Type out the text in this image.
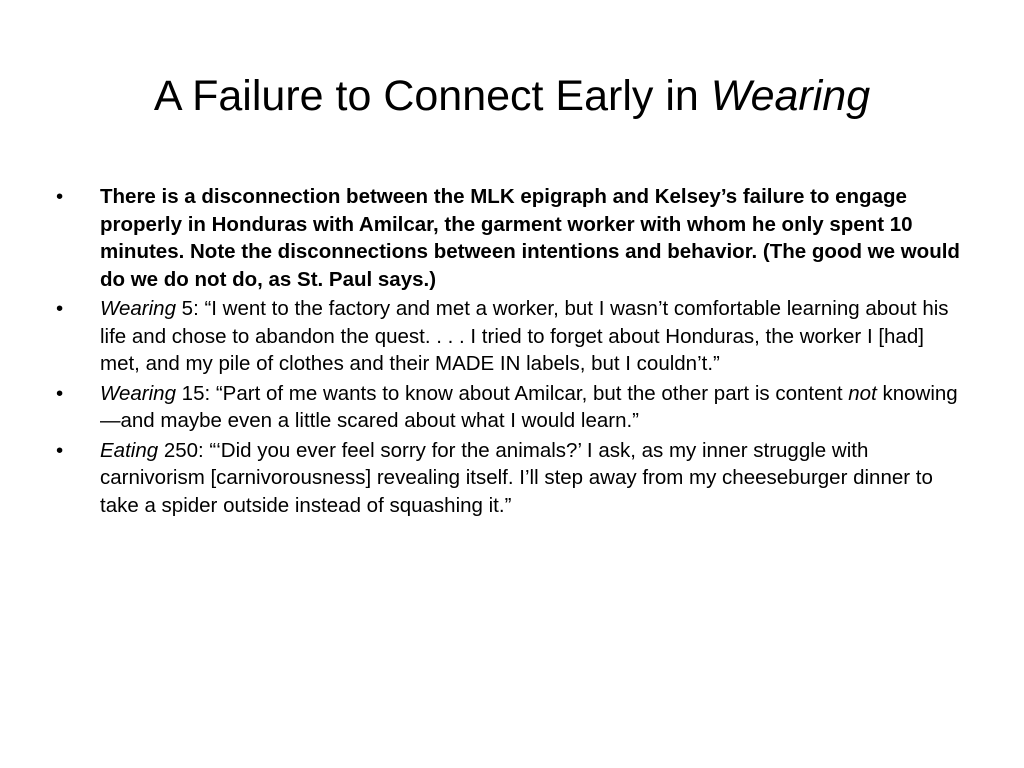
A Failure to Connect Early in Wearing
• There is a disconnection between the MLK epigraph and Kelsey’s failure to engage properly in Honduras with Amilcar, the garment worker with whom he only spent 10 minutes. Note the disconnections between intentions and behavior. (The good we would do we do not do, as St. Paul says.)
• Wearing 5: “I went to the factory and met a worker, but I wasn’t comfortable learning about his life and chose to abandon the quest. . . . I tried to forget about Honduras, the worker I [had] met, and my pile of clothes and their MADE IN labels, but I couldn’t.”
• Wearing 15: “Part of me wants to know about Amilcar, but the other part is content not knowing—and maybe even a little scared about what I would learn.”
• Eating 250: “‘Did you ever feel sorry for the animals?’ I ask, as my inner struggle with carnivorism [carnivorousness] revealing itself. I’ll step away from my cheeseburger dinner to take a spider outside instead of squashing it.”
